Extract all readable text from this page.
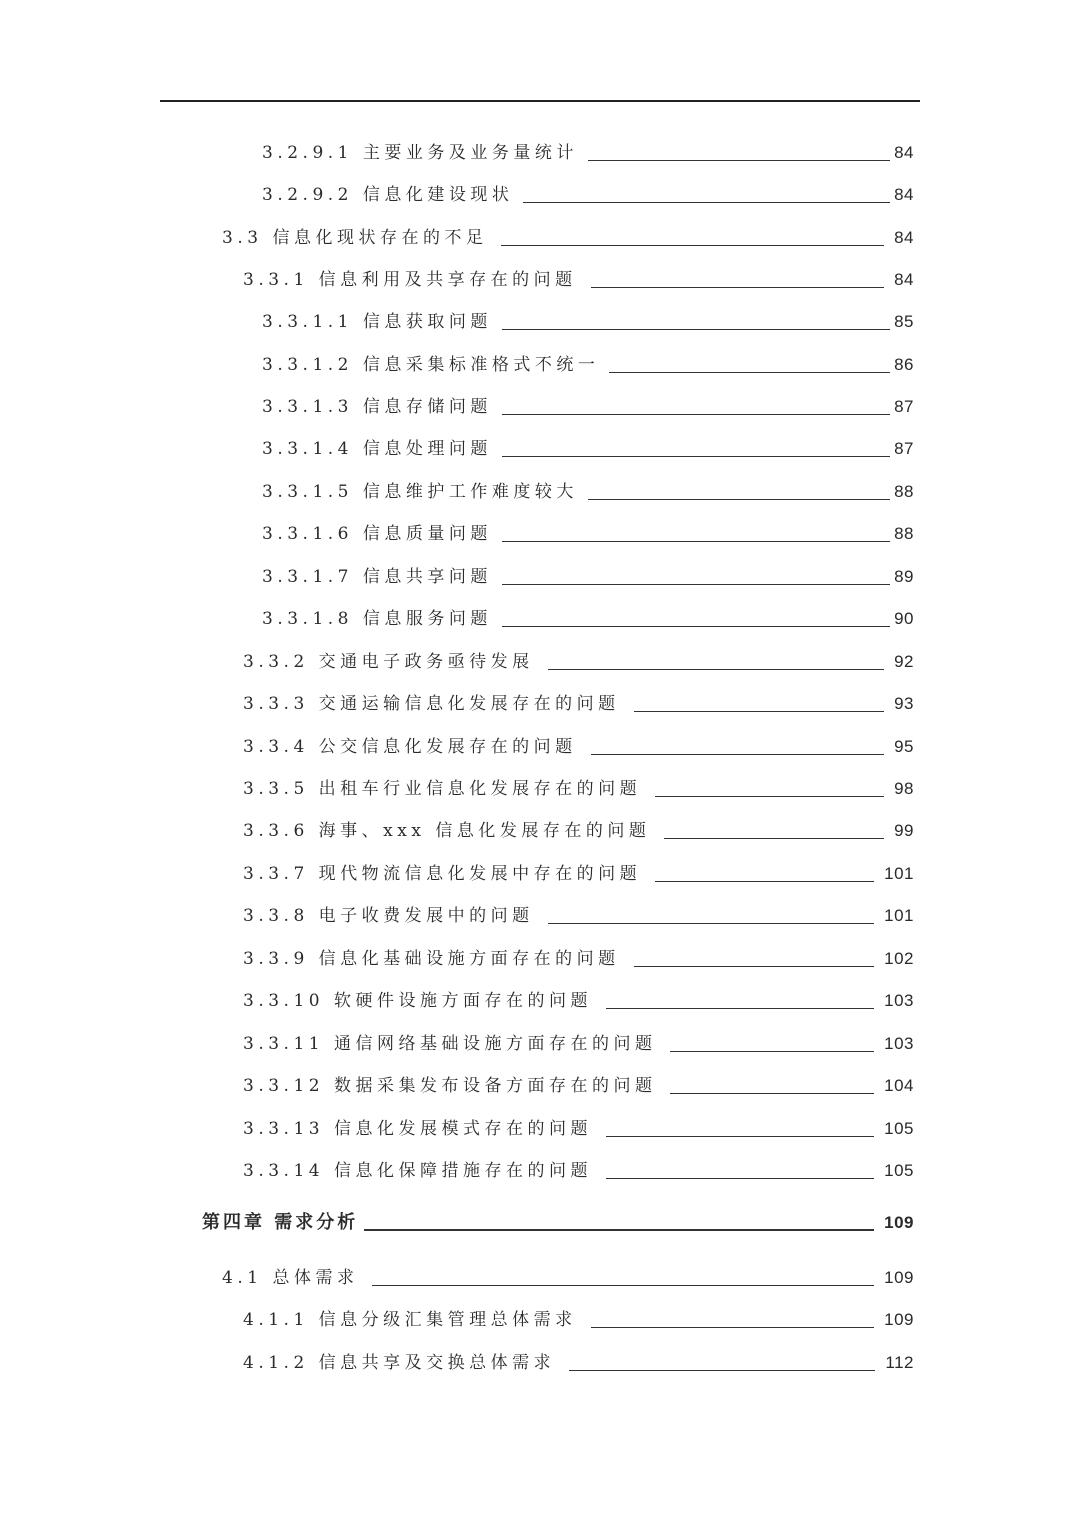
3.2.9.1 主要业务及业务量统计	84
3.2.9.2 信息化建设现状	84
3.3 信息化现状存在的不足	84
3.3.1 信息利用及共享存在的问题	84
3.3.1.1 信息获取问题	85
3.3.1.2 信息采集标准格式不统一	86
3.3.1.3 信息存储问题	87
3.3.1.4 信息处理问题	87
3.3.1.5 信息维护工作难度较大	88
3.3.1.6 信息质量问题	88
3.3.1.7 信息共享问题	89
3.3.1.8 信息服务问题	90
3.3.2 交通电子政务亟待发展	92
3.3.3 交通运输信息化发展存在的问题	93
3.3.4 公交信息化发展存在的问题	95
3.3.5 出租车行业信息化发展存在的问题	98
3.3.6 海事、xxx 信息化发展存在的问题	99
3.3.7 现代物流信息化发展中存在的问题	101
3.3.8 电子收费发展中的问题	101
3.3.9 信息化基础设施方面存在的问题	102
3.3.10 软硬件设施方面存在的问题	103
3.3.11 通信网络基础设施方面存在的问题	103
3.3.12 数据采集发布设备方面存在的问题	104
3.3.13 信息化发展模式存在的问题	105
3.3.14 信息化保障措施存在的问题	105
第四章 需求分析	109
4.1 总体需求	109
4.1.1 信息分级汇集管理总体需求	109
4.1.2 信息共享及交换总体需求	112
